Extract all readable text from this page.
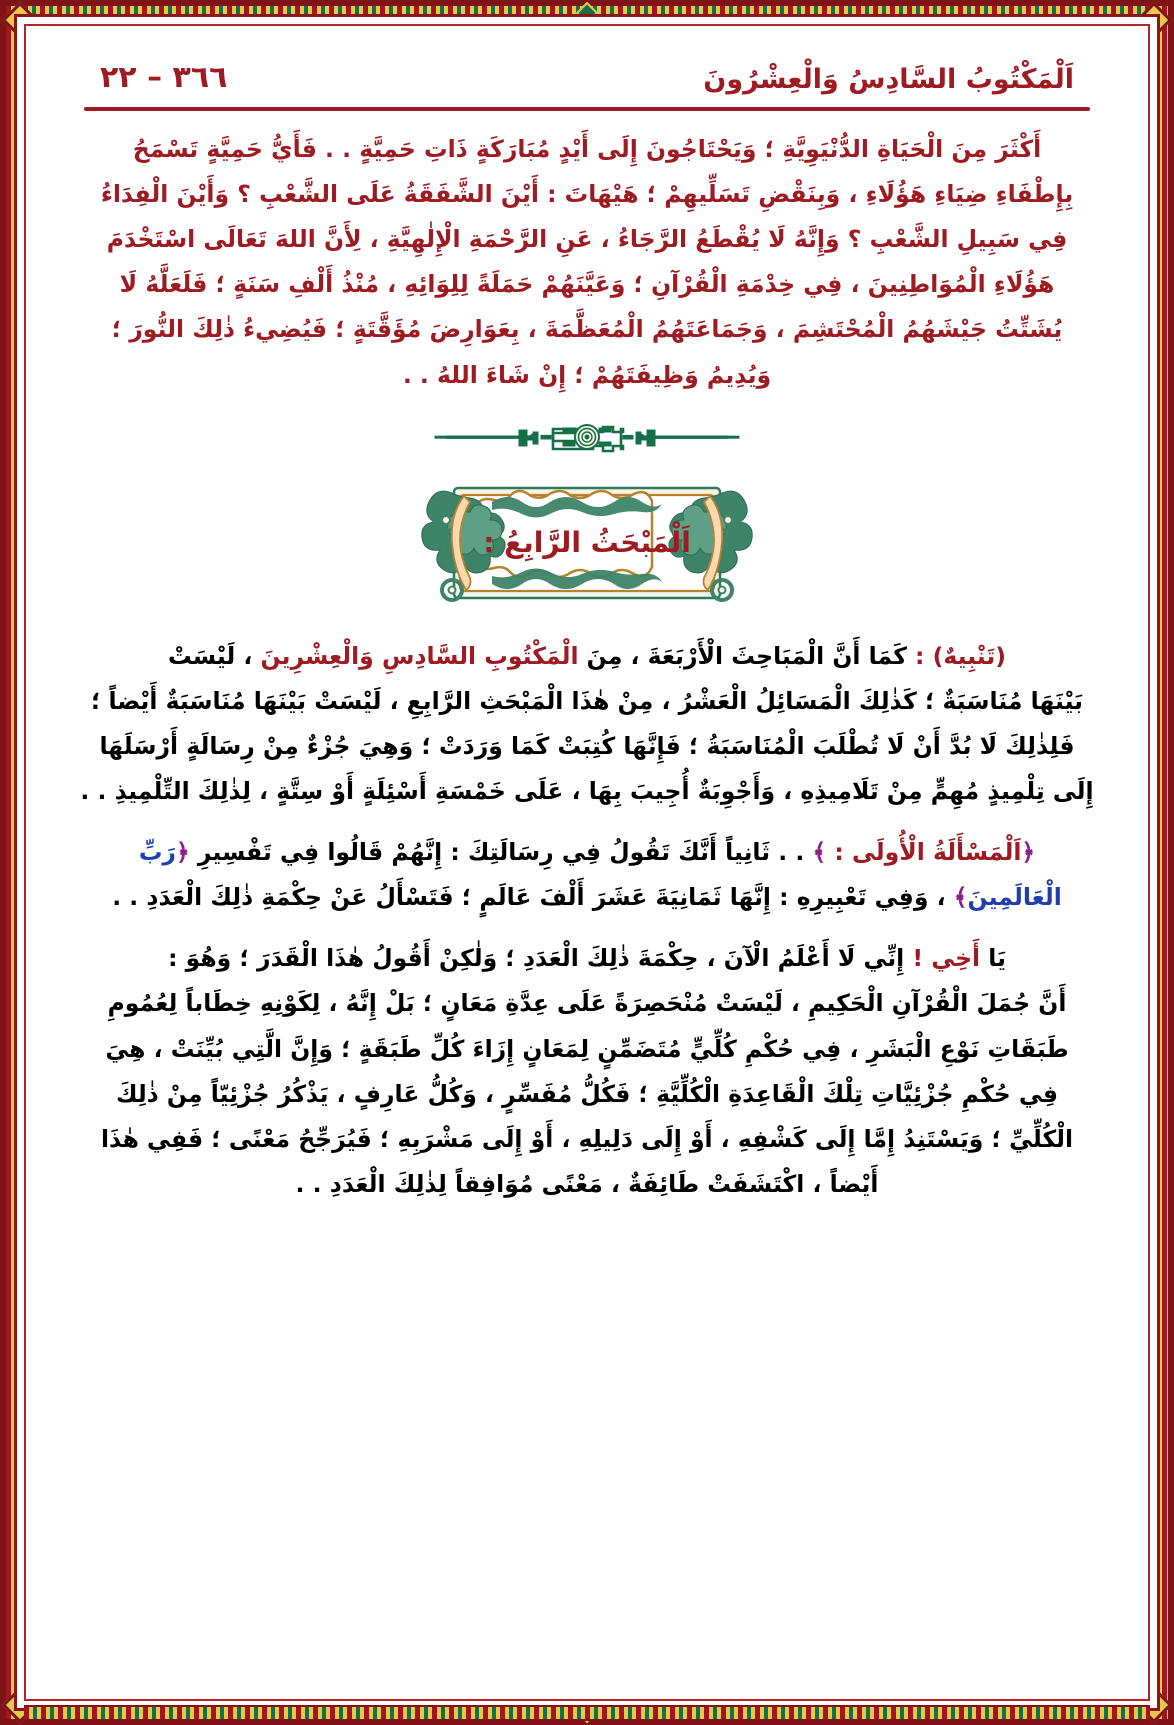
اَلْمَكْتُوبُ السَّادِسُ وَالْعِشْرُونَ
٣٦٦ – ٢٢
أَكْثَرَ مِنَ الْحَيَاةِ الدُّنْيَوِيَّةِ ؛ وَيَحْتَاجُونَ إِلَى أَيْدٍ مُبَارَكَةٍ ذَاتِ حَمِيَّةٍ . . فَأَيُّ حَمِيَّةٍ تَسْمَحُ
بِإِطْفَاءِ ضِيَاءِ هَؤُلَاءِ ، وَبِنَقْضِ تَسَلِّيهِمْ ؛ هَيْهَاتَ : أَيْنَ الشَّفَقَةُ عَلَى الشَّعْبِ ؟ وَأَيْنَ الْفِدَاءُ
فِي سَبِيلِ الشَّعْبِ ؟ وَإِنَّهُ لَا يُقْطَعُ الرَّجَاءُ ، عَنِ الرَّحْمَةِ الْإِلٰهِيَّةِ ، لِأَنَّ اللهَ تَعَالَى اسْتَخْدَمَ
هَؤُلَاءِ الْمُوَاطِنِينَ ، فِي خِدْمَةِ الْقُرْآنِ ؛ وَعَيَّنَهُمْ حَمَلَةً لِلِوَائِهِ ، مُنْذُ أَلْفِ سَنَةٍ ؛ فَلَعَلَّهُ لَا
يُشَتِّتُ جَيْشَهُمُ الْمُحْتَشِمَ ، وَجَمَاعَتَهُمُ الْمُعَظَّمَةَ ، بِعَوَارِضَ مُؤَقَّتَةٍ ؛ فَيُضِيءُ ذٰلِكَ النُّورَ ؛
وَيُدِيمُ وَظِيفَتَهُمْ ؛ إِنْ شَاءَ اللهُ . .
اَلْمَبْحَثُ الرَّابِعُ :
(تَنْبِيهٌ) : كَمَا أَنَّ الْمَبَاحِثَ الْأَرْبَعَةَ ، مِنَ الْمَكْتُوبِ السَّادِسِ وَالْعِشْرِينَ ، لَيْسَتْ
بَيْنَهَا مُنَاسَبَةٌ ؛ كَذٰلِكَ الْمَسَائِلُ الْعَشْرُ ، مِنْ هٰذَا الْمَبْحَثِ الرَّابِعِ ، لَيْسَتْ بَيْنَهَا مُنَاسَبَةٌ أَيْضاً ؛
فَلِذٰلِكَ لَا بُدَّ أَنْ لَا تُطْلَبَ الْمُنَاسَبَةُ ؛ فَإِنَّهَا كُتِبَتْ كَمَا وَرَدَتْ ؛ وَهِيَ جُزْءٌ مِنْ رِسَالَةٍ أَرْسَلَهَا
إِلَى تِلْمِيذٍ مُهِمٍّ مِنْ تَلَامِيذِهِ ، وَأَجْوِبَةٌ أُجِيبَ بِهَا ، عَلَى خَمْسَةِ أَسْئِلَةٍ أَوْ سِتَّةٍ ، لِذٰلِكَ التِّلْمِيذِ . .
﴿اَلْمَسْأَلَةُ الْأُولَى : ﴾ . . ثَانِياً أَنَّكَ تَقُولُ فِي رِسَالَتِكَ : إِنَّهُمْ قَالُوا فِي تَفْسِيرِ ﴿رَبِّ
الْعَالَمِينَ﴾ ، وَفِي تَعْبِيرِهِ : إِنَّهَا ثَمَانِيَةَ عَشَرَ أَلْفَ عَالَمٍ ؛ فَتَسْأَلُ عَنْ حِكْمَةِ ذٰلِكَ الْعَدَدِ . .
يَا أَخِي ! إِنِّي لَا أَعْلَمُ الْآنَ ، حِكْمَةَ ذٰلِكَ الْعَدَدِ ؛ وَلٰكِنْ أَقُولُ هٰذَا الْقَدَرَ ؛ وَهُوَ :
أَنَّ جُمَلَ الْقُرْآنِ الْحَكِيمِ ، لَيْسَتْ مُنْحَصِرَةً عَلَى عِدَّةِ مَعَانٍ ؛ بَلْ إِنَّهُ ، لِكَوْنِهِ خِطَاباً لِعُمُومِ
طَبَقَاتِ نَوْعِ الْبَشَرِ ، فِي حُكْمِ كُلِّيٍّ مُتَضَمِّنٍ لِمَعَانٍ إِزَاءَ كُلِّ طَبَقَةٍ ؛ وَإِنَّ الَّتِي بُيِّنَتْ ، هِيَ
فِي حُكْمِ جُزْئِيَّاتِ تِلْكَ الْقَاعِدَةِ الْكُلِّيَّةِ ؛ فَكُلُّ مُفَسِّرٍ ، وَكُلُّ عَارِفٍ ، يَذْكُرُ جُزْئِيّاً مِنْ ذٰلِكَ
الْكُلِّيِّ ؛ وَيَسْتَنِدُ إِمَّا إِلَى كَشْفِهِ ، أَوْ إِلَى دَلِيلِهِ ، أَوْ إِلَى مَشْرَبِهِ ؛ فَيُرَجِّحُ مَعْنًى ؛ فَفِي هٰذَا
أَيْضاً ، اكْتَشَفَتْ طَائِفَةٌ ، مَعْنًى مُوَافِقاً لِذٰلِكَ الْعَدَدِ . .
